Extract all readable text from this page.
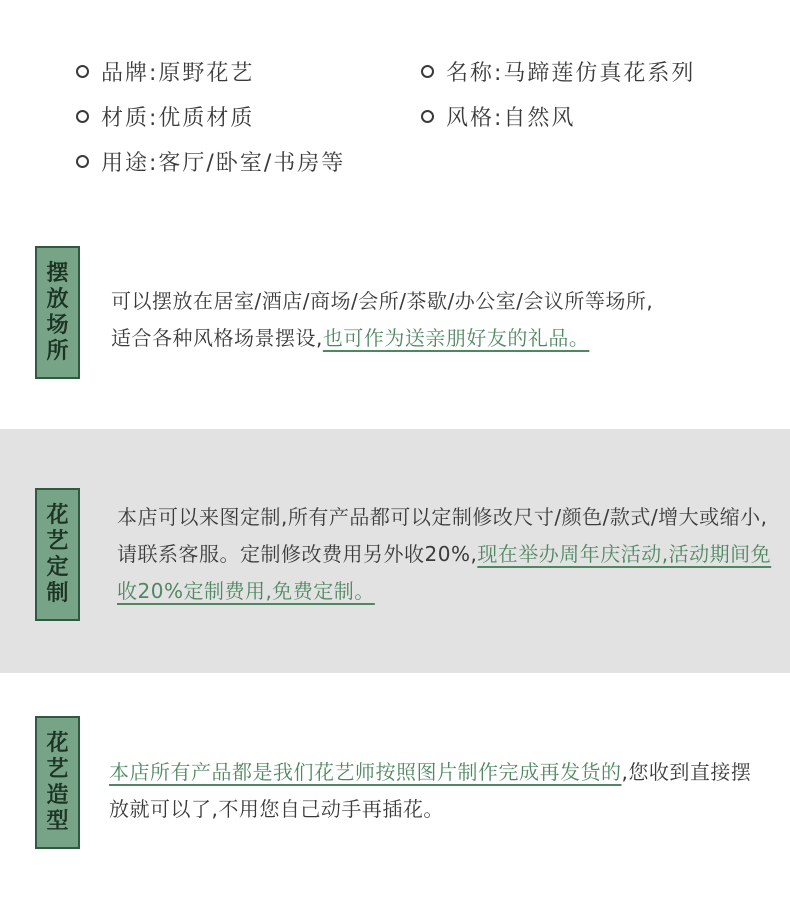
品牌:原野花艺	名称:马蹄莲仿真花系列
材质:优质材质	风格:自然风
用途:客厅/卧室/书房等
摆
放
场
所
可以摆放在居室/酒店/商场/会所/茶歇/办公室/会议所等场所,
适合各种风格场景摆设,也可作为送亲朋好友的礼品。
花
艺
定
制
本店可以来图定制,所有产品都可以定制修改尺寸/颜色/款式/增大或缩小,请联系客服。定制修改费用另外收20%,现在举办周年庆活动,活动期间免收20%定制费用,免费定制。
花
艺
造
型
本店所有产品都是我们花艺师按照图片制作完成再发货的,您收到直接摆放就可以了,不用您自己动手再插花。
